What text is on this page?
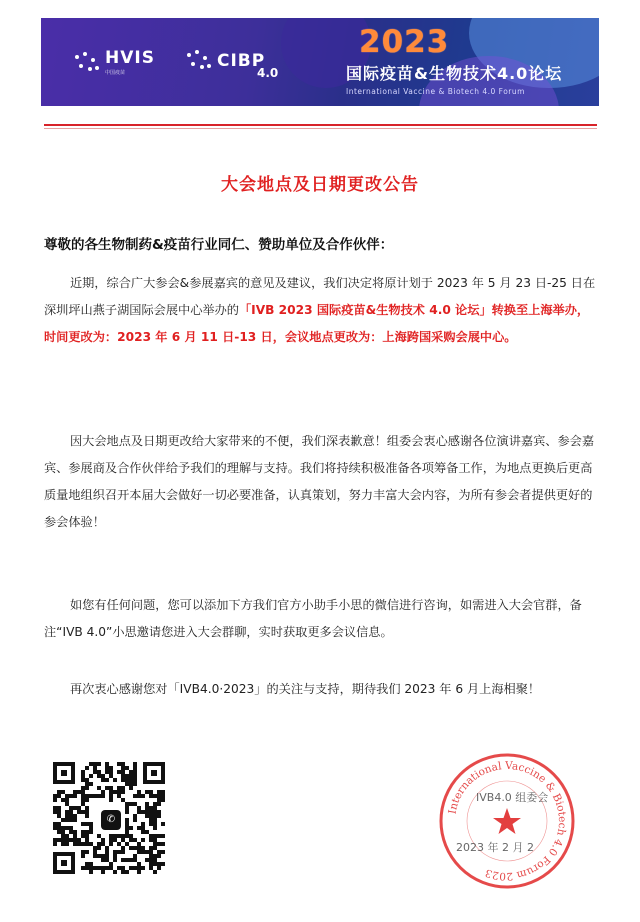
HVIS
中国疫苗
CIBP
4.0
2023
国际疫苗&生物技术4.0论坛
International Vaccine & Biotech 4.0 Forum
大会地点及日期更改公告
尊敬的各生物制药&疫苗行业同仁、赞助单位及合作伙伴：
近期，综合广大参会&参展嘉宾的意见及建议，我们决定将原计划于 2023 年 5 月 23 日-25 日在深圳坪山燕子湖国际会展中心举办的「IVB 2023 国际疫苗&生物技术 4.0 论坛」转换至上海举办，时间更改为：2023 年 6 月 11 日-13 日，会议地点更改为：上海跨国采购会展中心。
因大会地点及日期更改给大家带来的不便，我们深表歉意！组委会衷心感谢各位演讲嘉宾、参会嘉宾、参展商及合作伙伴给予我们的理解与支持。我们将持续积极准备各项筹备工作，为地点更换后更高质量地组织召开本届大会做好一切必要准备，认真策划，努力丰富大会内容，为所有参会者提供更好的参会体验！
如您有任何问题，您可以添加下方我们官方小助手小思的微信进行咨询，如需进入大会官群，备注“IVB 4.0”小思邀请您进入大会群聊，实时获取更多会议信息。
再次衷心感谢您对「IVB4.0·2023」的关注与支持，期待我们 2023 年 6 月上海相聚！
✆
International Vaccine & Biotech 4.0 Forum 2023
IVB4.0 组委会
2023 年 2 月 2
